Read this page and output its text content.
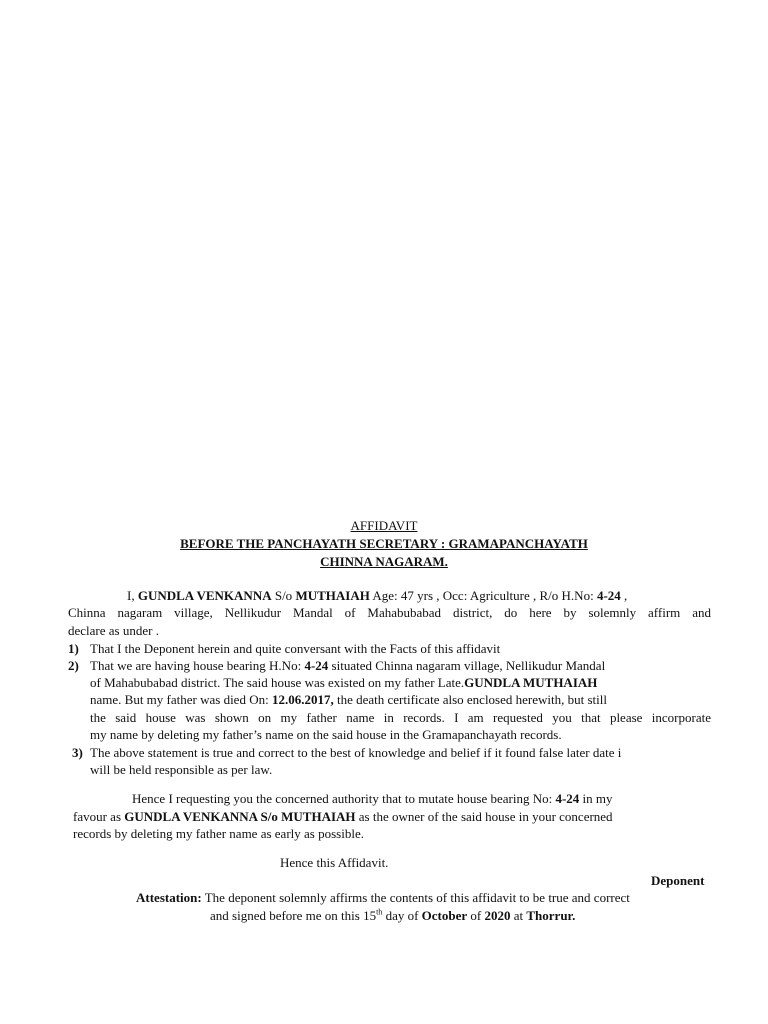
AFFIDAVIT
BEFORE THE PANCHAYATH SECRETARY : GRAMAPANCHAYATH
CHINNA NAGARAM.
I, GUNDLA VENKANNA S/o MUTHAIAH Age: 47 yrs , Occ: Agriculture , R/o H.No: 4-24 ,
Chinna nagaram village, Nellikudur Mandal of Mahabubabad district, do here by solemnly affirm and
declare as under .
1) That I the Deponent herein and quite conversant with the Facts of this affidavit
2) That we are having house bearing H.No: 4-24 situated Chinna nagaram village, Nellikudur Mandal
of Mahabubabad district. The said house was existed on my father Late.GUNDLA MUTHAIAH
name. But my father was died On: 12.06.2017, the death certificate also enclosed herewith, but still
the said house was shown on my father name in records. I am requested you that please incorporate
my name by deleting my father’s name on the said house in the Gramapanchayath records.
3) The above statement is true and correct to the best of knowledge and belief if it found false later date i
will be held responsible as per law.
Hence I requesting you the concerned authority that to mutate house bearing No: 4-24 in my
favour as GUNDLA VENKANNA S/o MUTHAIAH as the owner of the said house in your concerned
records by deleting my father name as early as possible.
Hence this Affidavit.
Deponent
Attestation: The deponent solemnly affirms the contents of this affidavit to be true and correct
and signed before me on this 15th day of October of 2020 at Thorrur.
